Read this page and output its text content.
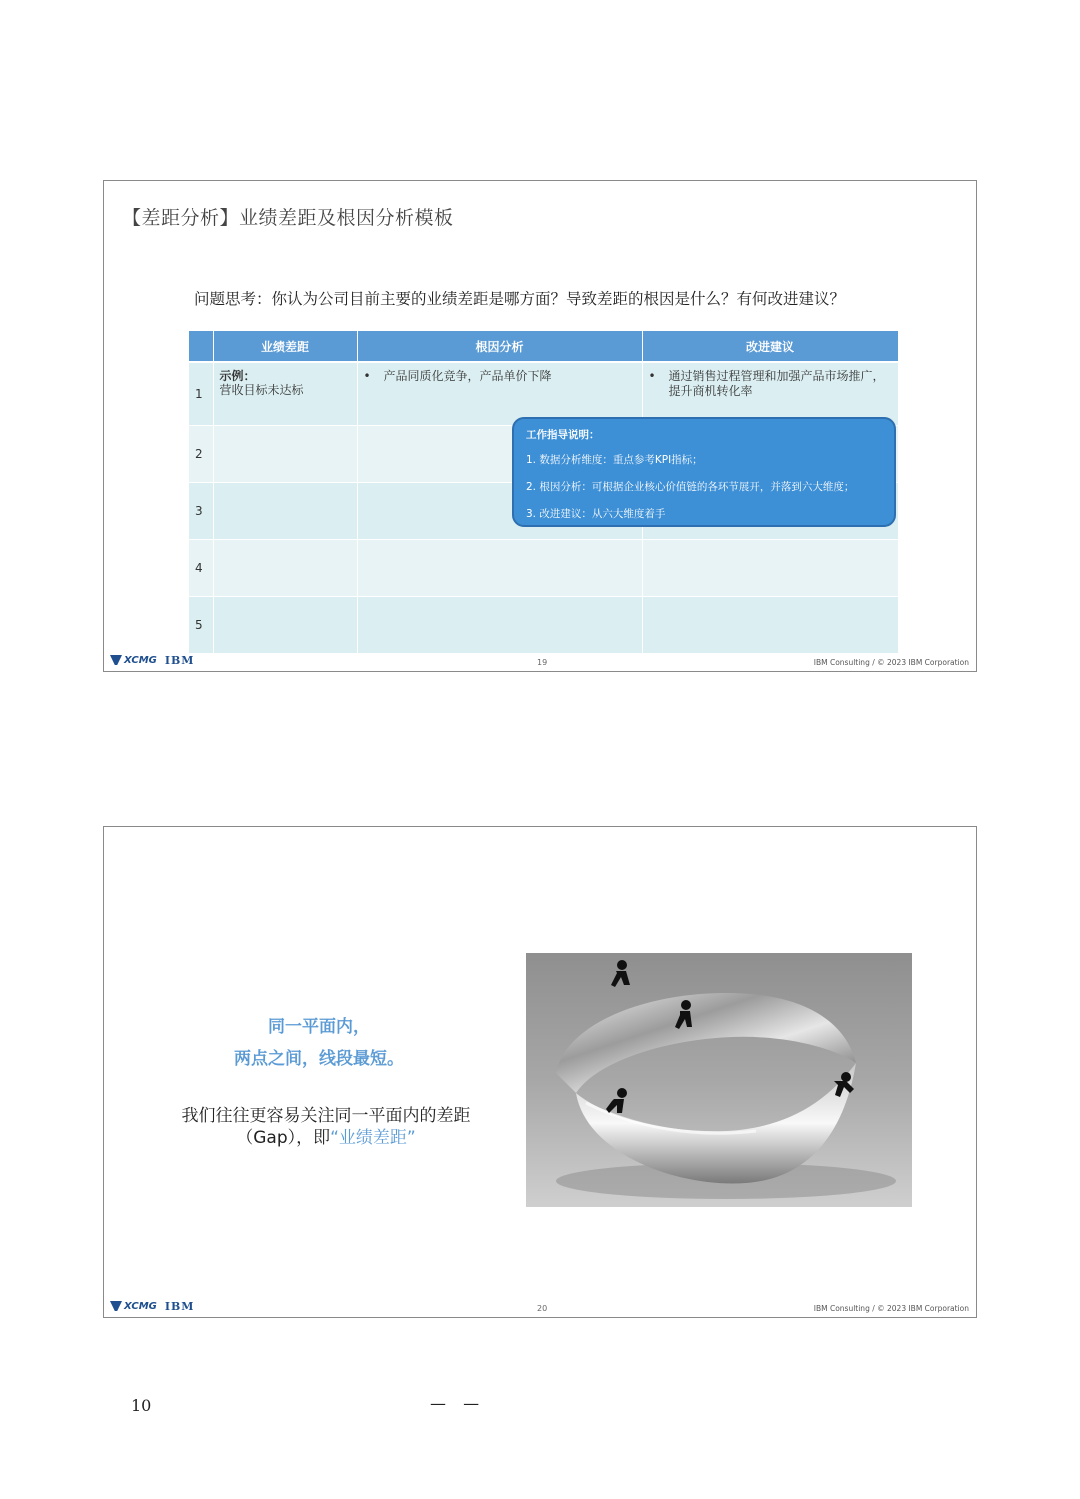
【差距分析】业绩差距及根因分析模板
问题思考：你认为公司目前主要的业绩差距是哪方面？导致差距的根因是什么？有何改进建议？
	业绩差距	根因分析	改进建议
1	示例：
营收目标未达标	• 产品同质化竞争，产品单价下降	• 通过销售过程管理和加强产品市场推广，提升商机转化率

2			
3			
4			
5			
工作指导说明：
1. 数据分析维度：重点参考KPI指标；
2. 根因分析：可根据企业核心价值链的各环节展开，并落到六大维度；
3. 改进建议：从六大维度着手
XCMG IBM	19	IBM Consulting / © 2023 IBM Corporation
同一平面内，
两点之间，线段最短。
我们往往更容易关注同一平面内的差距（Gap），即“业绩差距”
XCMG IBM	20	IBM Consulting / © 2023 IBM Corporation
10	— —
